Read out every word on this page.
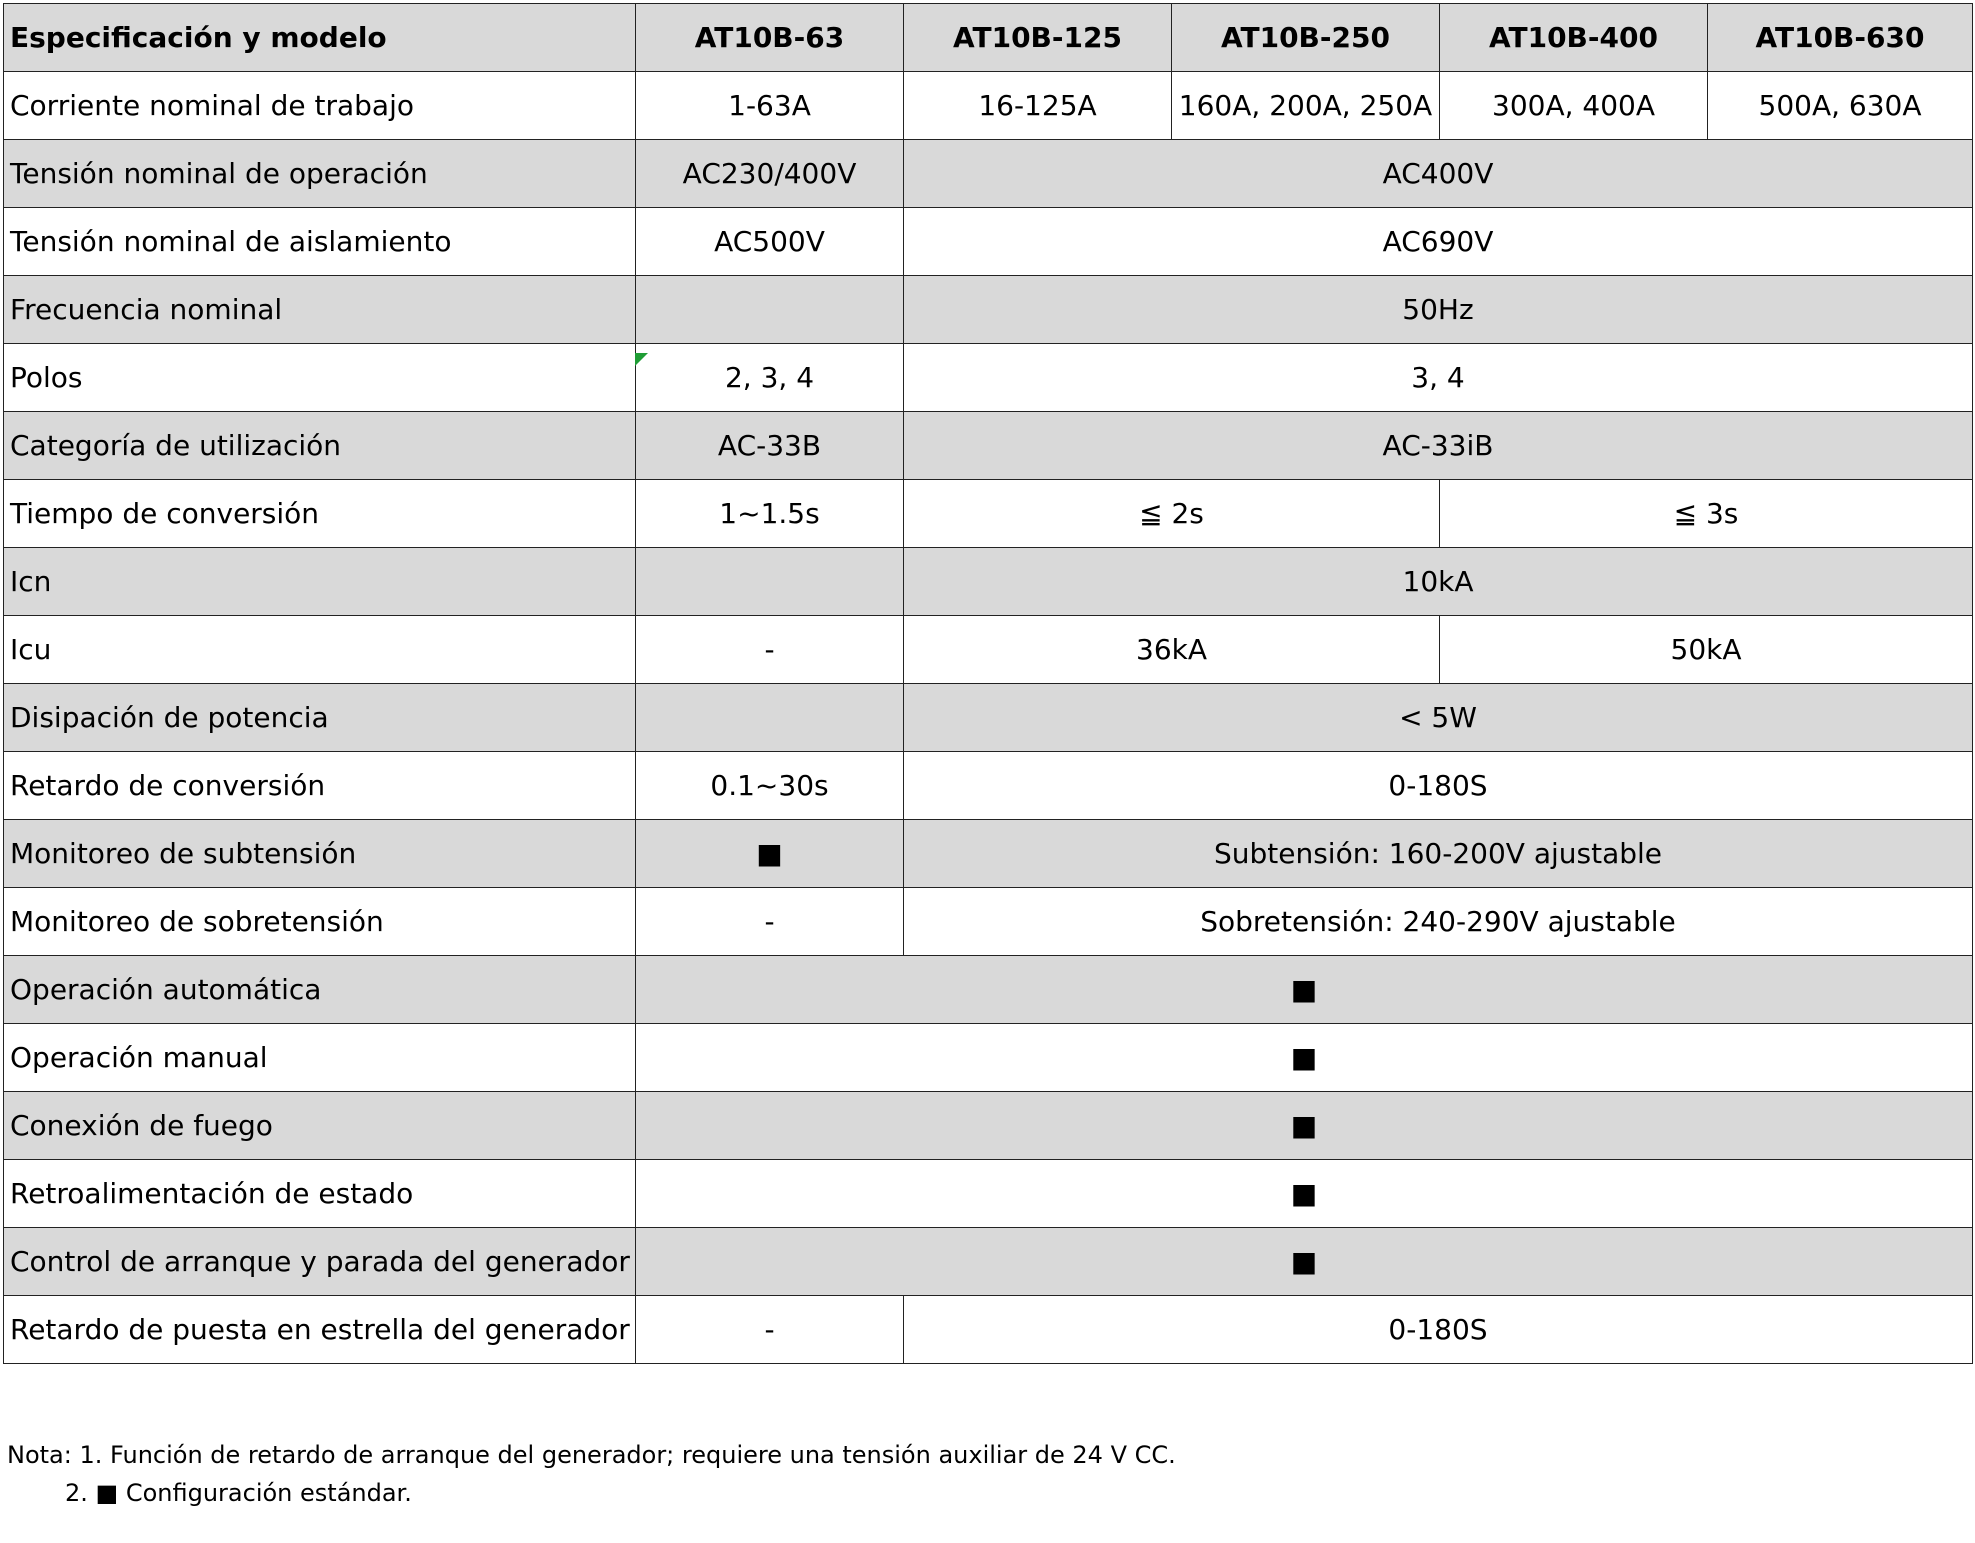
Especificación y modelo	AT10B-63	AT10B-125	AT10B-250	AT10B-400	AT10B-630
Corriente nominal de trabajo	1-63A	16-125A	160A, 200A, 250A	300A, 400A	500A, 630A
Tensión nominal de operación	AC230/400V	AC400V			
Tensión nominal de aislamiento	AC500V	AC690V			
Frecuencia nominal		50Hz			
Polos	2, 3, 4	3, 4			
Categoría de utilización	AC-33B	AC-33iB			
Tiempo de conversión	1~1.5s	≦ 2s		≦ 3s	
Icn		10kA			
Icu	-	36kA		50kA	
Disipación de potencia		< 5W			
Retardo de conversión	0.1~30s	0-180S			
Monitoreo de subtensión	■	Subtensión: 160-200V ajustable			
Monitoreo de sobretensión	-	Sobretensión: 240-290V ajustable			
Operación automática	■				
Operación manual	■				
Conexión de fuego	■				
Retroalimentación de estado	■				
Control de arranque y parada del generador	■				
Retardo de puesta en estrella del generador	-	0-180S			
Nota: 1. Función de retardo de arranque del generador; requiere una tensión auxiliar de 24 V CC.
2. ■ Configuración estándar.
